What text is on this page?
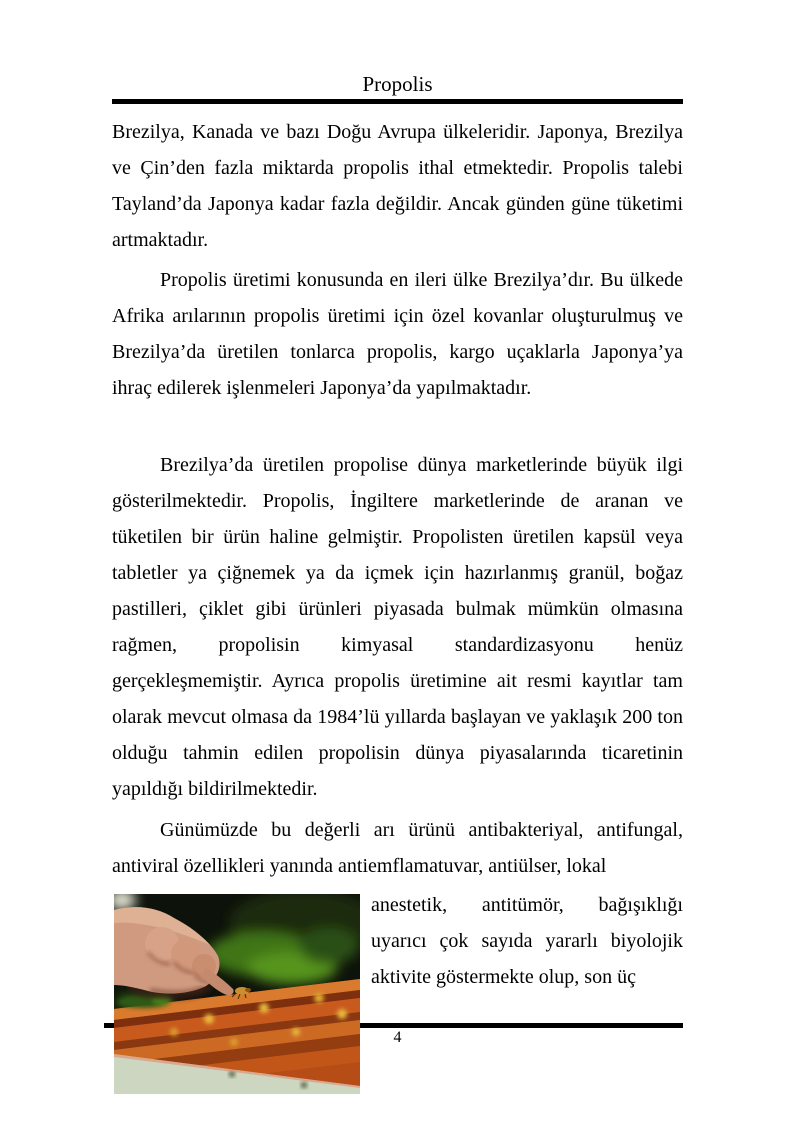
Propolis

Brezilya, Kanada ve bazı Doğu Avrupa ülkeleridir. Japonya, Brezilya ve Çin’den fazla miktarda propolis ithal etmektedir. Propolis talebi Tayland’da Japonya kadar fazla değildir. Ancak günden güne tüketimi artmaktadır.

Propolis üretimi konusunda en ileri ülke Brezilya’dır. Bu ülkede Afrika arılarının propolis üretimi için özel kovanlar oluşturulmuş ve Brezilya’da üretilen tonlarca propolis, kargo uçaklarla Japonya’ya ihraç edilerek işlenmeleri Japonya’da yapılmaktadır.

Brezilya’da üretilen propolise dünya marketlerinde büyük ilgi gösterilmektedir. Propolis, İngiltere marketlerinde de aranan ve tüketilen bir ürün haline gelmiştir. Propolisten üretilen kapsül veya tabletler ya çiğnemek ya da içmek için hazırlanmış granül, boğaz pastilleri, çiklet gibi ürünleri piyasada bulmak mümkün olmasına rağmen, propolisin kimyasal standardizasyonu henüz gerçekleşmemiştir. Ayrıca propolis üretimine ait resmi kayıtlar tam olarak mevcut olmasa da 1984’lü yıllarda başlayan ve yaklaşık 200 ton olduğu tahmin edilen propolisin dünya piyasalarında ticaretinin yapıldığı bildirilmektedir.

Günümüzde bu değerli arı ürünü antibakteriyal, antifungal, antiviral özellikleri yanında antiemflamatuvar, antiülser, lokal

anestetik, antitümör, bağışıklığı uyarıcı çok sayıda yararlı biyolojik aktivite göstermekte olup, son üç

4
